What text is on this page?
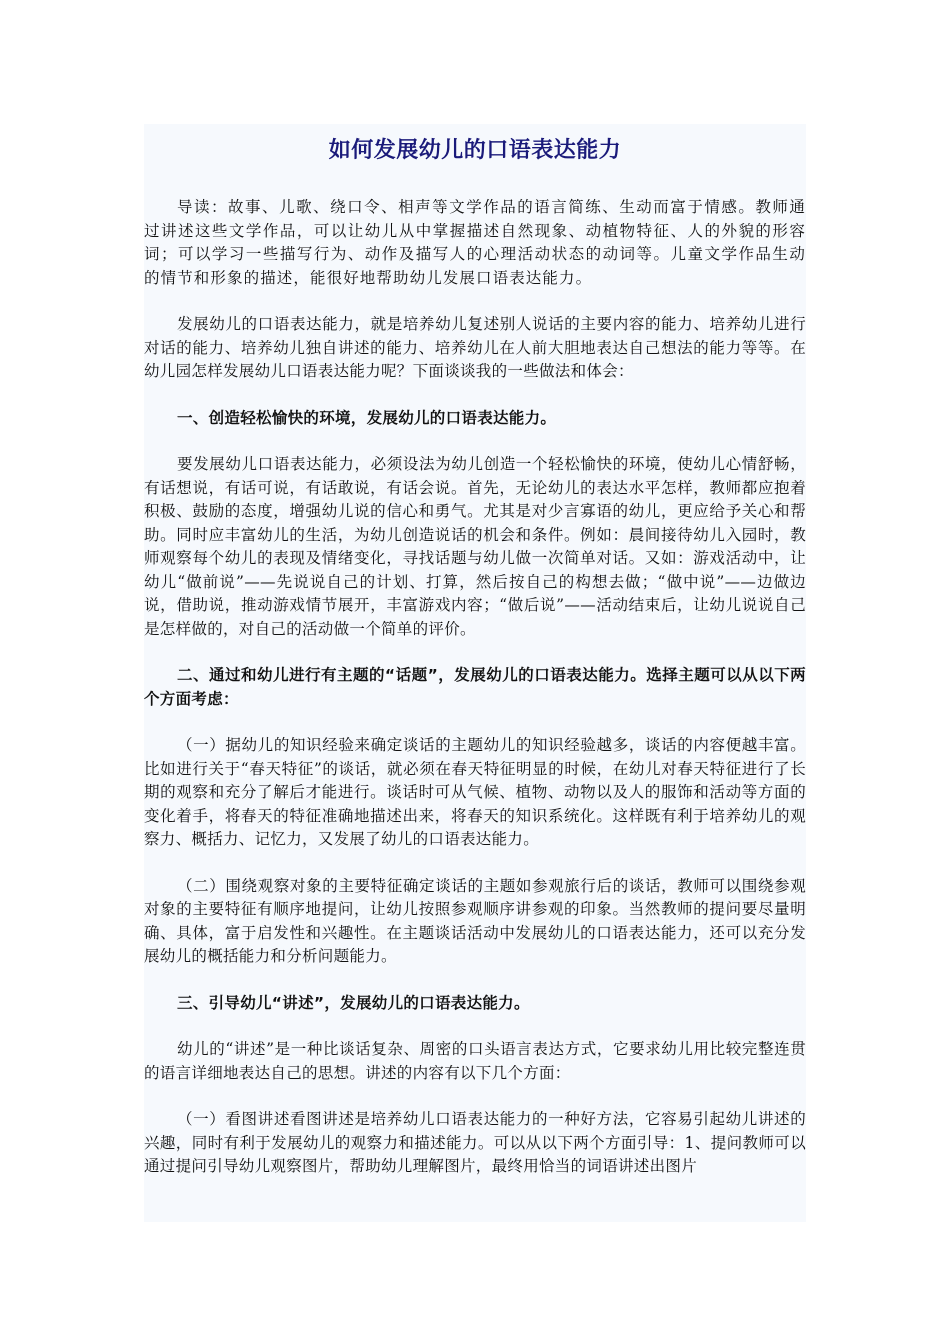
如何发展幼儿的口语表达能力

导读：故事、儿歌、绕口令、相声等文学作品的语言简练、生动而富于情感。教师通过讲述这些文学作品，可以让幼儿从中掌握描述自然现象、动植物特征、人的外貌的形容词；可以学习一些描写行为、动作及描写人的心理活动状态的动词等。儿童文学作品生动的情节和形象的描述，能很好地帮助幼儿发展口语表达能力。

发展幼儿的口语表达能力，就是培养幼儿复述别人说话的主要内容的能力、培养幼儿进行对话的能力、培养幼儿独自讲述的能力、培养幼儿在人前大胆地表达自己想法的能力等等。在幼儿园怎样发展幼儿口语表达能力呢？下面谈谈我的一些做法和体会：

一、创造轻松愉快的环境，发展幼儿的口语表达能力。

要发展幼儿口语表达能力，必须设法为幼儿创造一个轻松愉快的环境，使幼儿心情舒畅，有话想说，有话可说，有话敢说，有话会说。首先，无论幼儿的表达水平怎样，教师都应抱着积极、鼓励的态度，增强幼儿说的信心和勇气。尤其是对少言寡语的幼儿，更应给予关心和帮助。同时应丰富幼儿的生活，为幼儿创造说话的机会和条件。例如：晨间接待幼儿入园时，教师观察每个幼儿的表现及情绪变化，寻找话题与幼儿做一次简单对话。又如：游戏活动中，让幼儿“做前说”——先说说自己的计划、打算，然后按自己的构想去做；“做中说”——边做边说，借助说，推动游戏情节展开，丰富游戏内容；“做后说”——活动结束后，让幼儿说说自己是怎样做的，对自己的活动做一个简单的评价。

二、通过和幼儿进行有主题的“话题”，发展幼儿的口语表达能力。选择主题可以从以下两个方面考虑：

（一）据幼儿的知识经验来确定谈话的主题幼儿的知识经验越多，谈话的内容便越丰富。比如进行关于“春天特征”的谈话，就必须在春天特征明显的时候，在幼儿对春天特征进行了长期的观察和充分了解后才能进行。谈话时可从气候、植物、动物以及人的服饰和活动等方面的变化着手，将春天的特征准确地描述出来，将春天的知识系统化。这样既有利于培养幼儿的观察力、概括力、记忆力，又发展了幼儿的口语表达能力。

（二）围绕观察对象的主要特征确定谈话的主题如参观旅行后的谈话，教师可以围绕参观对象的主要特征有顺序地提问，让幼儿按照参观顺序讲参观的印象。当然教师的提问要尽量明确、具体，富于启发性和兴趣性。在主题谈话活动中发展幼儿的口语表达能力，还可以充分发展幼儿的概括能力和分析问题能力。

三、引导幼儿“讲述”，发展幼儿的口语表达能力。

幼儿的“讲述”是一种比谈话复杂、周密的口头语言表达方式，它要求幼儿用比较完整连贯的语言详细地表达自己的思想。讲述的内容有以下几个方面：

（一）看图讲述看图讲述是培养幼儿口语表达能力的一种好方法，它容易引起幼儿讲述的兴趣，同时有利于发展幼儿的观察力和描述能力。可以从以下两个方面引导：1、提问教师可以通过提问引导幼儿观察图片，帮助幼儿理解图片，最终用恰当的词语讲述出图片
